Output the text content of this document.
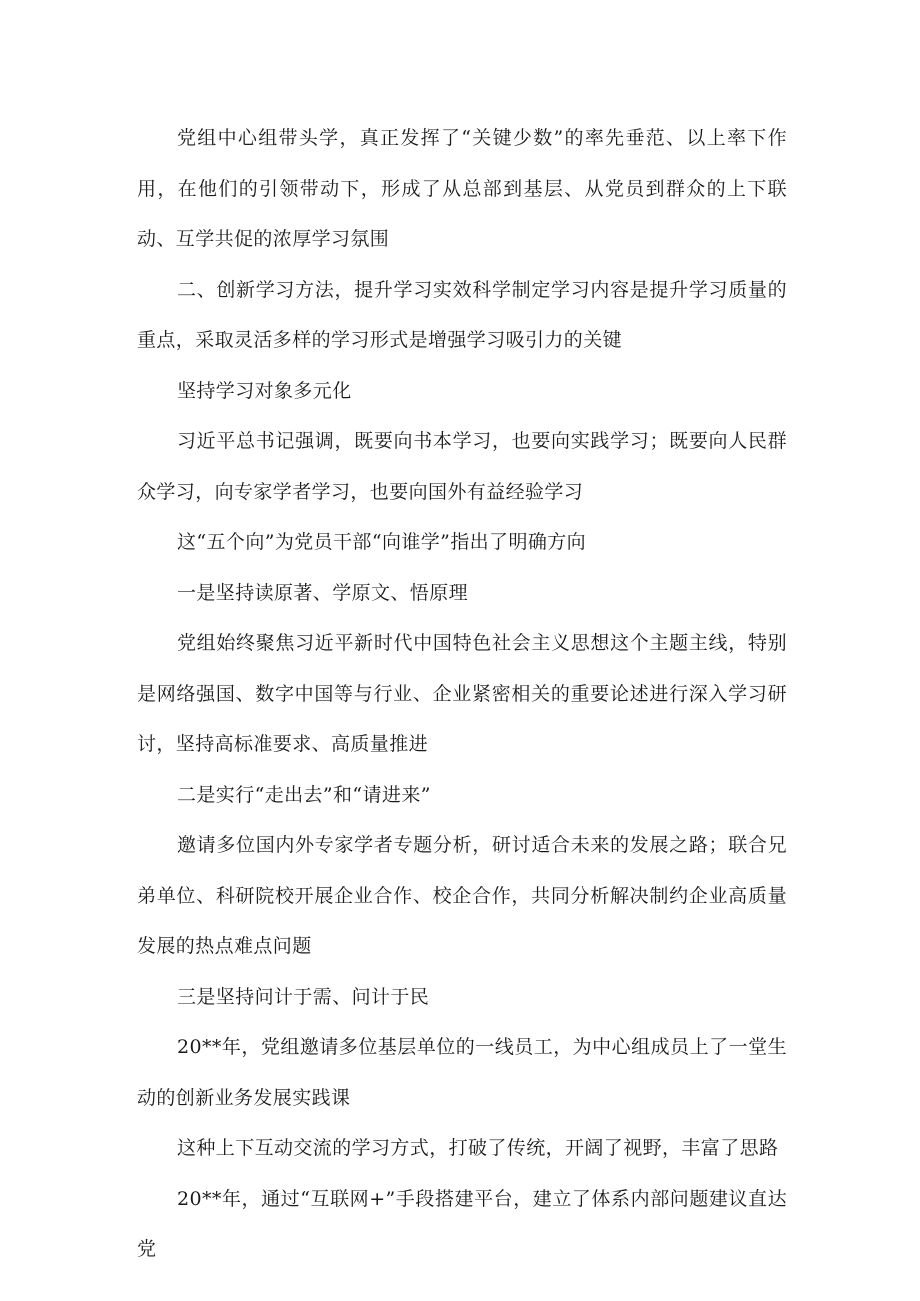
党组中心组带头学，真正发挥了“关键少数”的率先垂范、以上率下作用，在他们的引领带动下，形成了从总部到基层、从党员到群众的上下联动、互学共促的浓厚学习氛围

二、创新学习方法，提升学习实效科学制定学习内容是提升学习质量的重点，采取灵活多样的学习形式是增强学习吸引力的关键

坚持学习对象多元化

习近平总书记强调，既要向书本学习，也要向实践学习；既要向人民群众学习，向专家学者学习，也要向国外有益经验学习

这“五个向”为党员干部“向谁学”指出了明确方向

一是坚持读原著、学原文、悟原理

党组始终聚焦习近平新时代中国特色社会主义思想这个主题主线，特别是网络强国、数字中国等与行业、企业紧密相关的重要论述进行深入学习研讨，坚持高标准要求、高质量推进

二是实行“走出去”和“请进来”

邀请多位国内外专家学者专题分析，研讨适合未来的发展之路；联合兄弟单位、科研院校开展企业合作、校企合作，共同分析解决制约企业高质量发展的热点难点问题

三是坚持问计于需、问计于民

20**年，党组邀请多位基层单位的一线员工，为中心组成员上了一堂生动的创新业务发展实践课

这种上下互动交流的学习方式，打破了传统，开阔了视野，丰富了思路

20**年，通过“互联网+”手段搭建平台，建立了体系内部问题建议直达党
